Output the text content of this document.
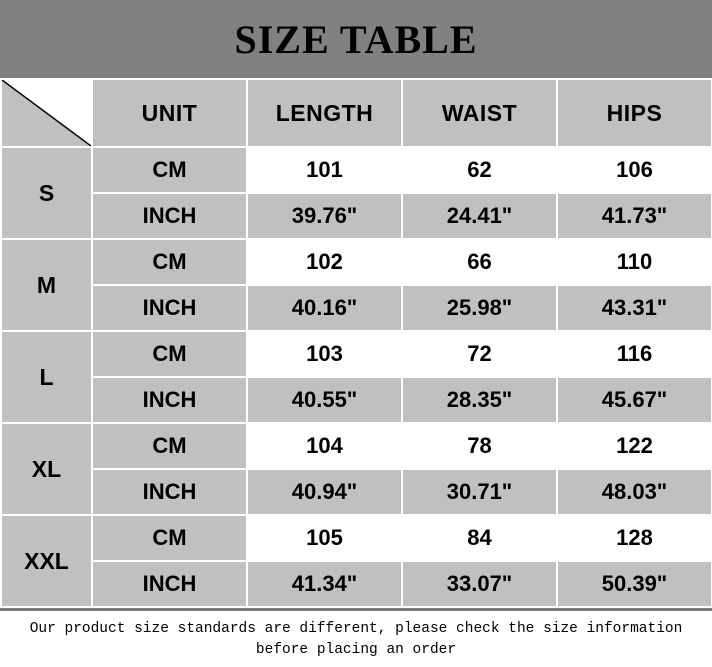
SIZE TABLE
	UNIT	LENGTH	WAIST	HIPS
S	CM	101	62	106
	INCH	39.76"	24.41"	41.73"
M	CM	102	66	110
	INCH	40.16"	25.98"	43.31"
L	CM	103	72	116
	INCH	40.55"	28.35"	45.67"
XL	CM	104	78	122
	INCH	40.94"	30.71"	48.03"
XXL	CM	105	84	128
	INCH	41.34"	33.07"	50.39"
Our product size standards are different, please check the size information
before placing an order
